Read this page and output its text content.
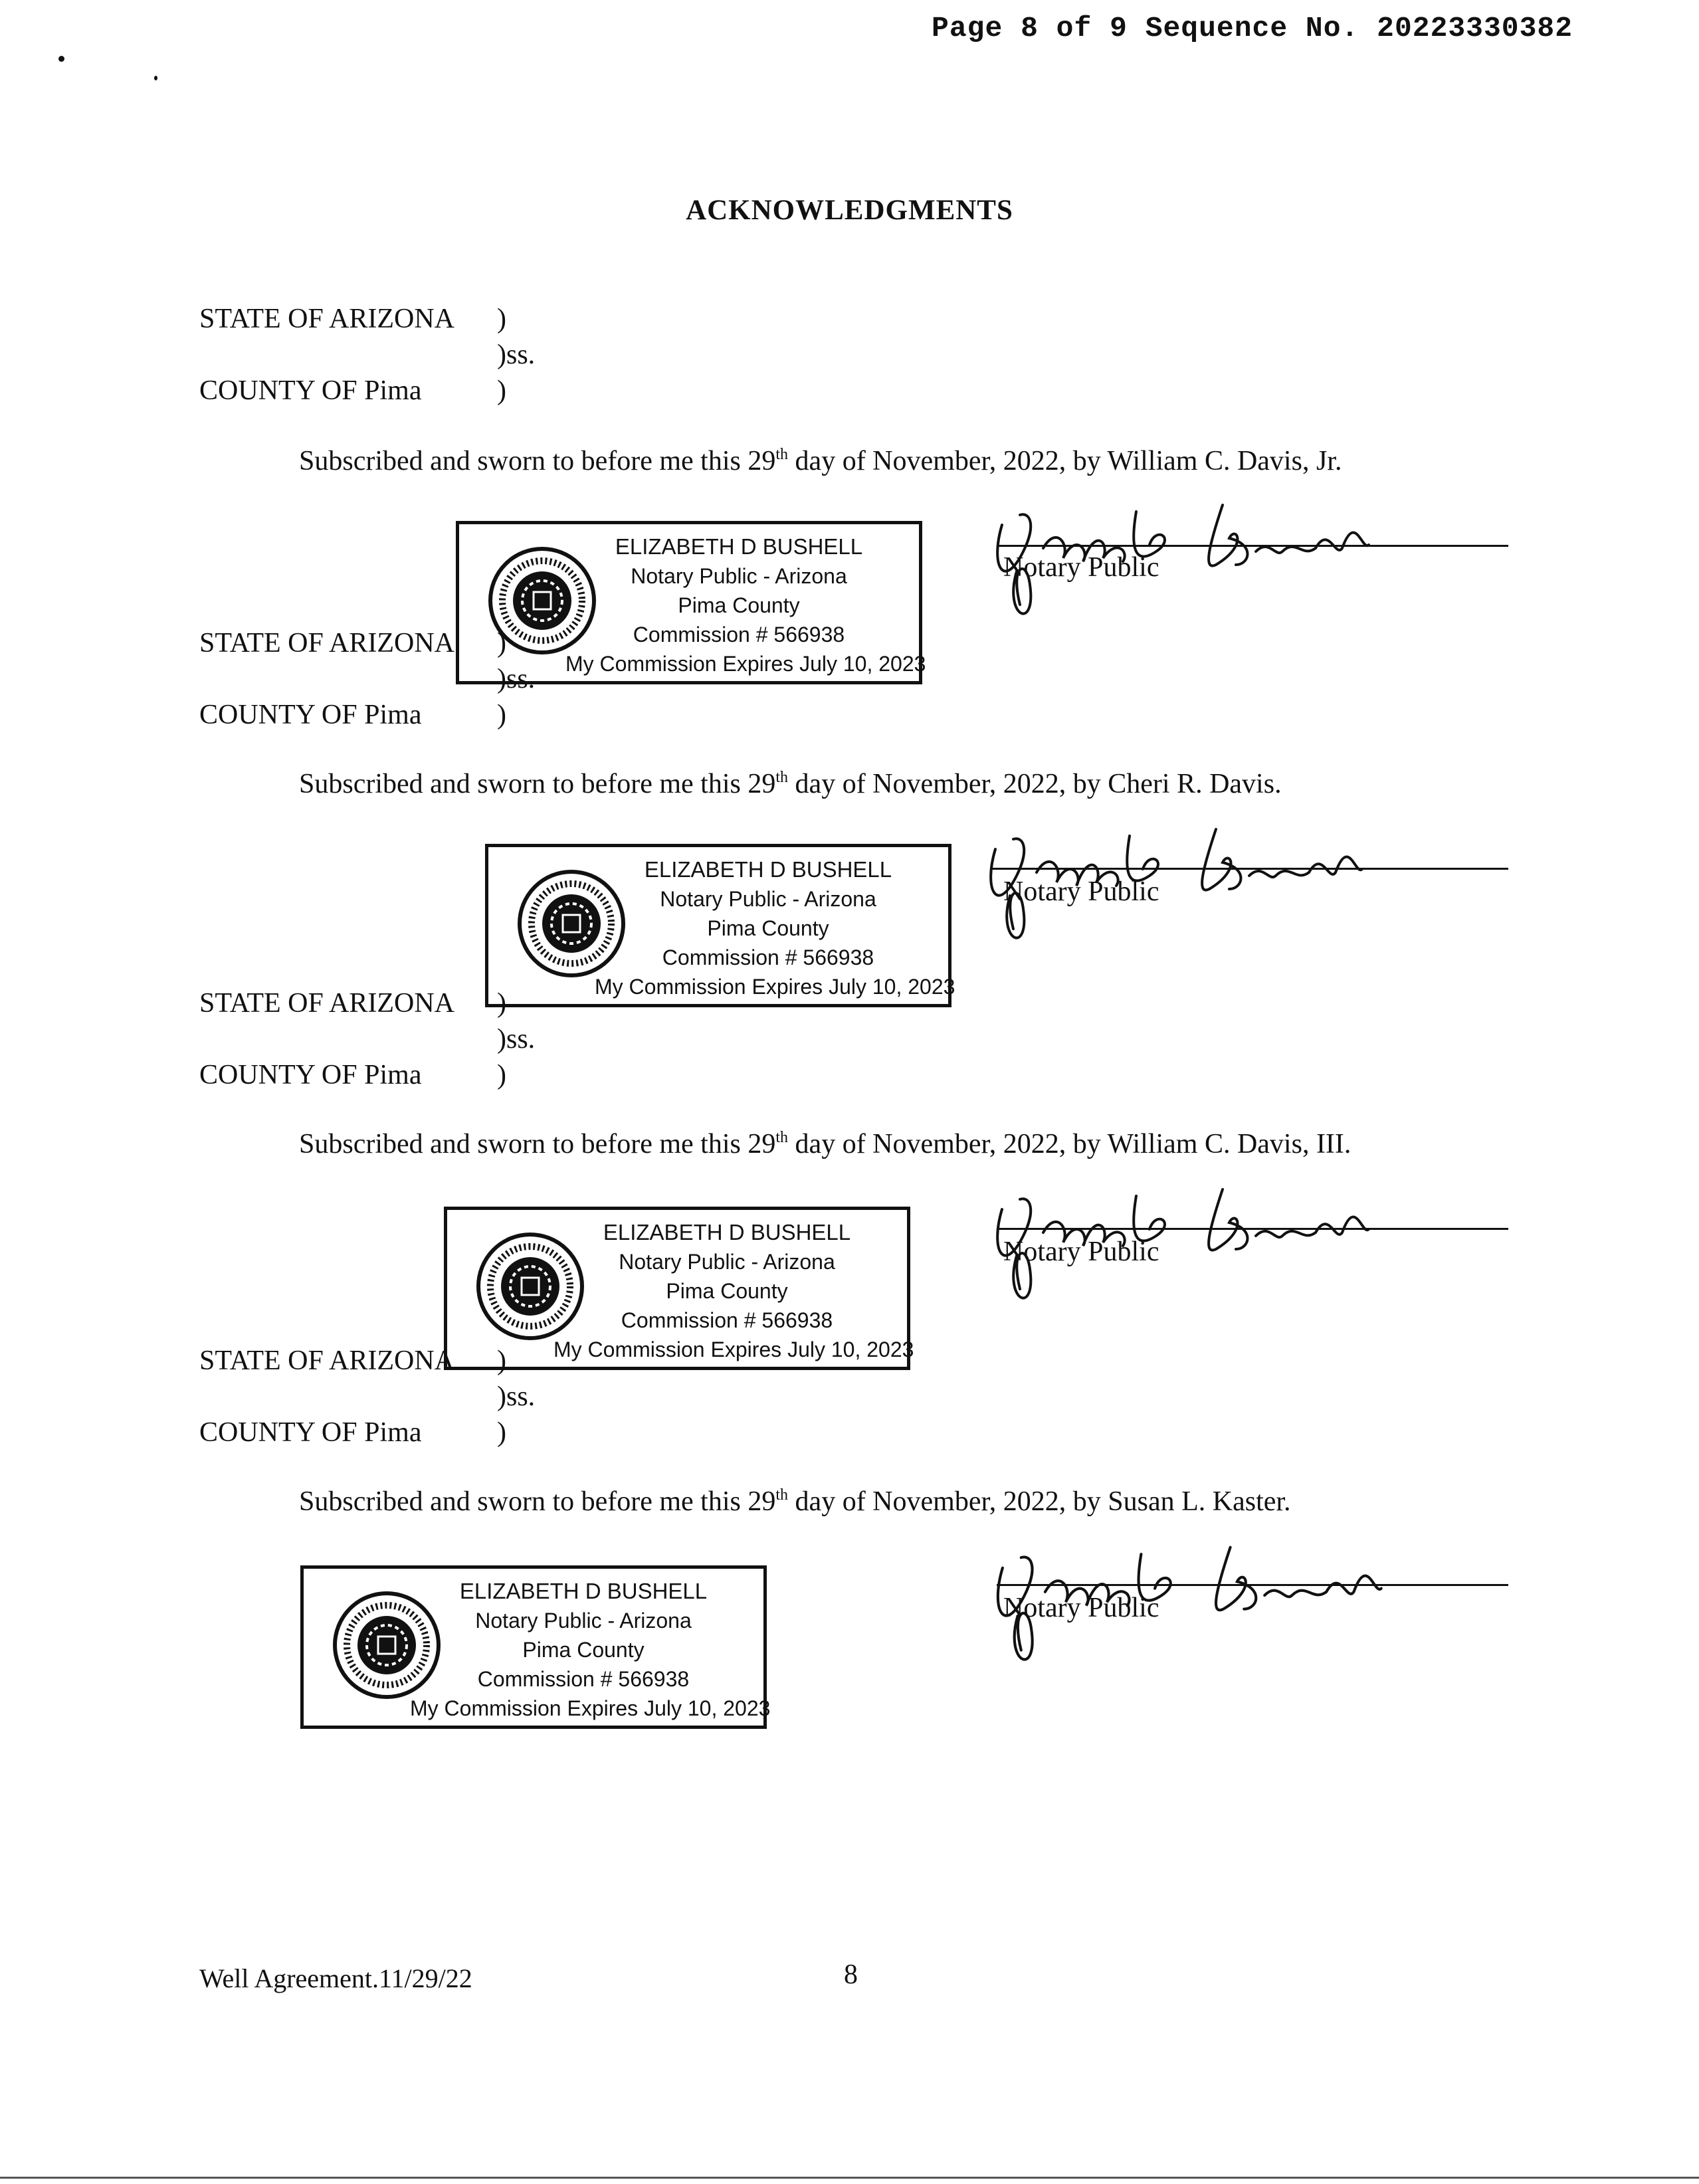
Page 8 of 9 Sequence No. 20223330382
ACKNOWLEDGMENTS
STATE OF ARIZONA )
)ss.
COUNTY OF Pima	)
Subscribed and sworn to before me this 29th day of November, 2022, by William C. Davis, Jr.
Notary Public
ELIZABETH D BUSHELL
Notary Public - Arizona
Pima County
Commission # 566938
My Commission Expires July 10, 2023
STATE OF ARIZONA )
)ss.
COUNTY OF Pima	)
Subscribed and sworn to before me this 29th day of November, 2022, by Cheri R. Davis.
Notary Public
ELIZABETH D BUSHELL
Notary Public - Arizona
Pima County
Commission # 566938
My Commission Expires July 10, 2023
STATE OF ARIZONA )
)ss.
COUNTY OF Pima	)
Subscribed and sworn to before me this 29th day of November, 2022, by William C. Davis, III.
Notary Public
ELIZABETH D BUSHELL
Notary Public - Arizona
Pima County
Commission # 566938
My Commission Expires July 10, 2023
STATE OF ARIZONA )
)ss.
COUNTY OF Pima	)
Subscribed and sworn to before me this 29th day of November, 2022, by Susan L. Kaster.
Notary Public
ELIZABETH D BUSHELL
Notary Public - Arizona
Pima County
Commission # 566938
My Commission Expires July 10, 2023
Well Agreement.11/29/22	8
